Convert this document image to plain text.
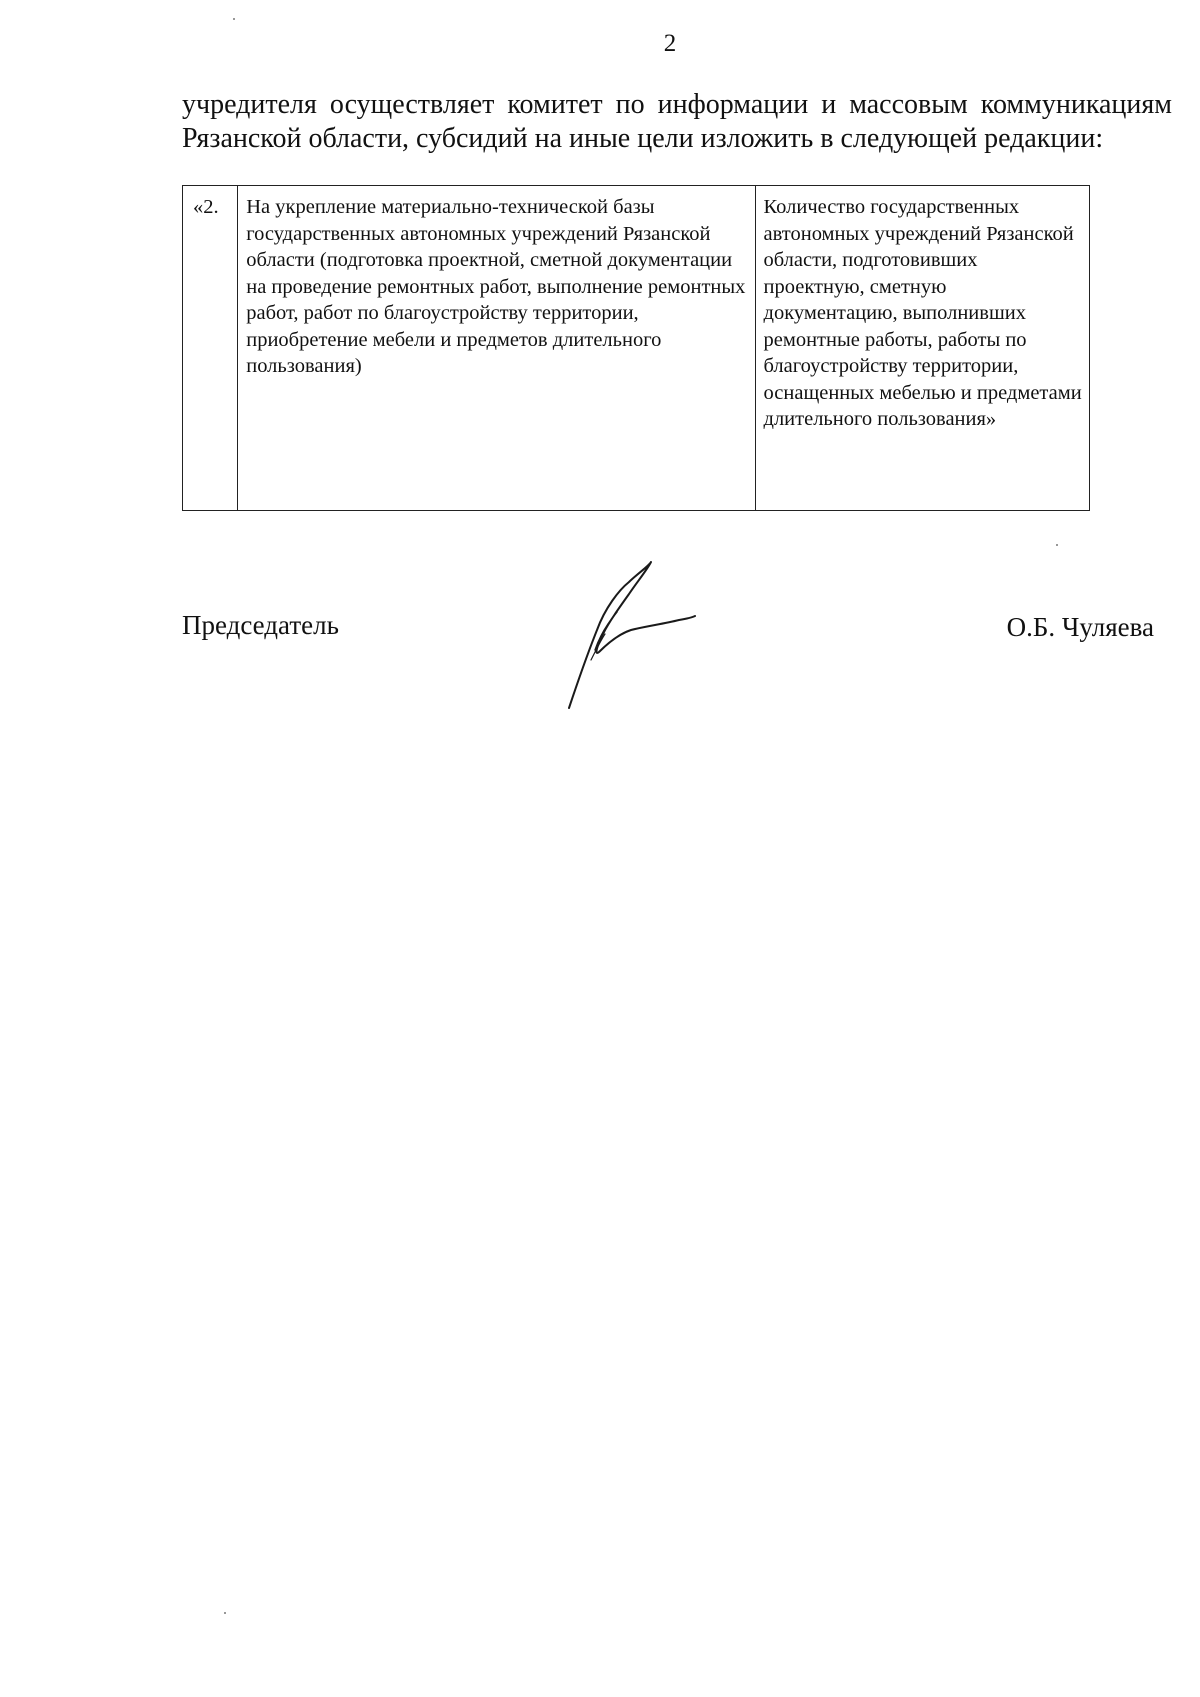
2

учредителя осуществляет комитет по информации и массовым коммуникациям

Рязанской области, субсидий на иные цели изложить в следующей редакции:

«2.	На укрепление материально-технической базы государственных автономных учреждений Рязанской области (подготовка проектной, сметной документации на проведение ремонтных работ, выполнение ремонтных работ, работ по благоустройству территории, приобретение мебели и предметов длительного пользования)	Количество государственных автономных учреждений Рязанской области, подготовивших проектную, сметную документацию, выполнивших ремонтные работы, работы по благоустройству территории, оснащенных мебелью и предметами длительного пользования»
Председатель	О.Б. Чуляева
